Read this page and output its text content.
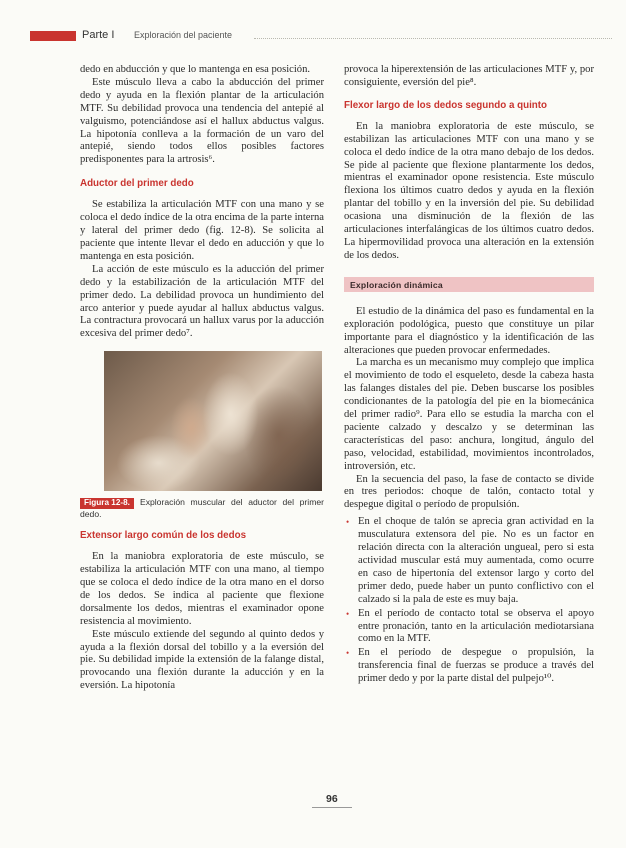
Parte I Exploración del paciente

dedo en abducción y que lo mantenga en esa posición.

Este músculo lleva a cabo la abducción del primer dedo y ayuda en la flexión plantar de la articulación MTF. Su debilidad provoca una tendencia del antepié al valguismo, potenciándose así el hallux abductus valgus. La hipotonía conlleva a la formación de un varo del antepié, siendo todos ellos posibles factores predisponentes para la artrosis⁶.

Aductor del primer dedo

Se estabiliza la articulación MTF con una mano y se coloca el dedo índice de la otra encima de la parte interna y lateral del primer dedo (fig. 12-8). Se solicita al paciente que intente llevar el dedo en aducción y que lo mantenga en esta posición.

La acción de este músculo es la aducción del primer dedo y la estabilización de la articulación MTF del primer dedo. La debilidad provoca un hundimiento del arco anterior y puede ayudar al hallux abductus valgus. La contractura provocará un hallux varus por la aducción excesiva del primer dedo⁷.

Figura 12-8. Exploración muscular del aductor del primer dedo.
Extensor largo común de los dedos

En la maniobra exploratoria de este músculo, se estabiliza la articulación MTF con una mano, al tiempo que se coloca el dedo índice de la otra mano en el dorso de los dedos. Se indica al paciente que flexione dorsalmente los dedos, mientras el examinador opone resistencia al movimiento.

Este músculo extiende del segundo al quinto dedos y ayuda a la flexión dorsal del tobillo y a la eversión del pie. Su debilidad impide la extensión de la falange distal, provocando una flexión durante la aducción y en la eversión. La hipotonía

provoca la hiperextensión de las articulaciones MTF y, por consiguiente, eversión del pie⁸.

Flexor largo de los dedos segundo a quinto

En la maniobra exploratoria de este músculo, se estabilizan las articulaciones MTF con una mano y se coloca el dedo índice de la otra mano debajo de los dedos. Se pide al paciente que flexione plantarmente los dedos, mientras el examinador opone resistencia. Este músculo flexiona los últimos cuatro dedos y ayuda en la flexión plantar del tobillo y en la inversión del pie. Su debilidad ocasiona una disminución de la flexión de las articulaciones interfalángicas de los últimos cuatro dedos. La hipermovilidad provoca una alteración en la extensión de los dedos.

Exploración dinámica

El estudio de la dinámica del paso es fundamental en la exploración podológica, puesto que constituye un pilar importante para el diagnóstico y la identificación de las alteraciones que pueden provocar enfermedades.

La marcha es un mecanismo muy complejo que implica el movimiento de todo el esqueleto, desde la cabeza hasta las falanges distales del pie. Deben buscarse los posibles condicionantes de la patología del pie en la biomecánica del primer radio⁹. Para ello se estudia la marcha con el paciente calzado y descalzo y se determinan las características del paso: anchura, longitud, ángulo del paso, velocidad, estabilidad, movimientos incontrolados, introversión, etc.

En la secuencia del paso, la fase de contacto se divide en tres periodos: choque de talón, contacto total y despegue digital o período de propulsión.

• En el choque de talón se aprecia gran actividad en la musculatura extensora del pie. No es un factor en relación directa con la alteración ungueal, pero si esta actividad muscular está muy aumentada, como ocurre en caso de hipertonía del extensor largo y corto del primer dedo, puede haber un punto conflictivo con el calzado si la pala de este es muy baja.
• En el período de contacto total se observa el apoyo entre pronación, tanto en la articulación mediotarsiana como en la MTF.
• En el período de despegue o propulsión, la transferencia final de fuerzas se produce a través del primer dedo y por la parte distal del pulpejo¹⁰.
96
